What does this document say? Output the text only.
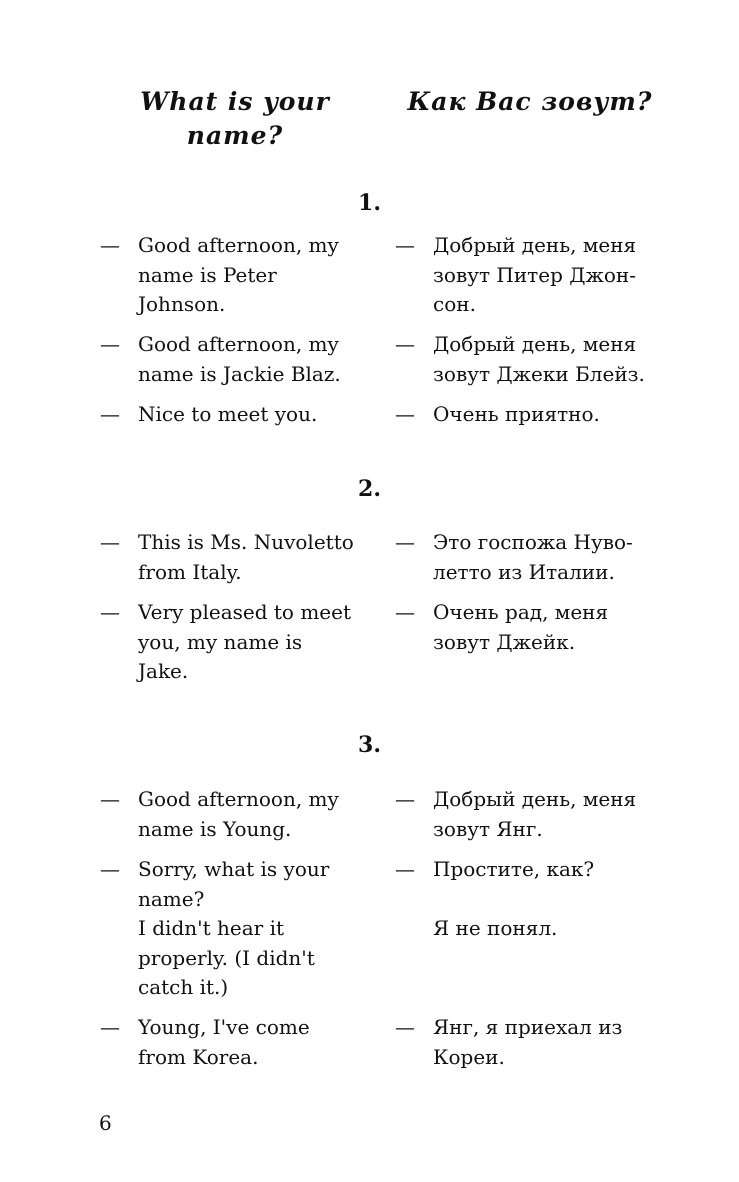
What is your name?
Как Вас зовут?
1.
— Good afternoon, my
name is Peter
Johnson.
— Добрый день, меня
зовут Питер Джон-
сон.
— Good afternoon, my
name is Jackie Blaz.
— Добрый день, меня
зовут Джеки Блейз.
— Nice to meet you.	— Очень приятно.
2.
— This is Ms. Nuvoletto
from Italy.
— Это госпожа Нуво-
летто из Италии.
— Very pleased to meet
you, my name is
Jake.
— Очень рад, меня
зовут Джейк.
3.
— Good afternoon, my
name is Young.
— Добрый день, меня
зовут Янг.
— Sorry, what is your
name?
I didn't hear it
properly. (I didn't
catch it.)
— Простите, как?

Я не понял.
— Young, I've come
from Korea.
— Янг, я приехал из
Кореи.
6
